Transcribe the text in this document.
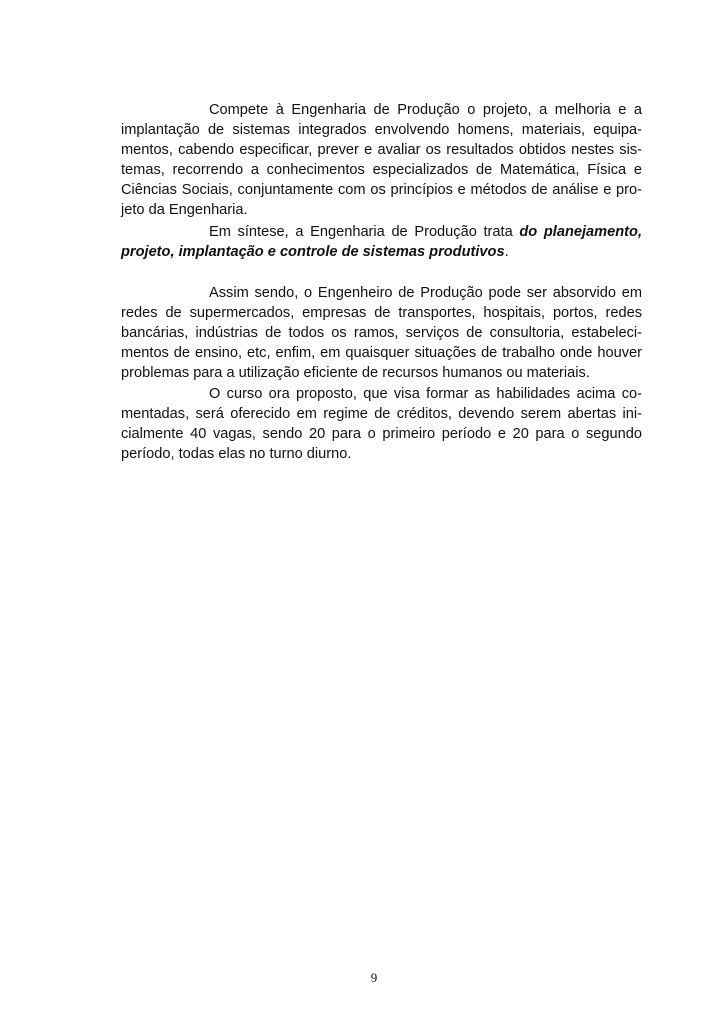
Compete à Engenharia de Produção o projeto, a melhoria e a implantação de sistemas integrados envolvendo homens, materiais, equipa-mentos, cabendo especificar, prever e avaliar os resultados obtidos nestes sis-temas, recorrendo a conhecimentos especializados de Matemática, Física e Ciências Sociais, conjuntamente com os princípios e métodos de análise e pro-jeto da Engenharia.

Em síntese, a Engenharia de Produção trata do planejamento, projeto, implantação e controle de sistemas produtivos.

Assim sendo, o Engenheiro de Produção pode ser absorvido em redes de supermercados, empresas de transportes, hospitais, portos, redes bancárias, indústrias de todos os ramos, serviços de consultoria, estabeleci-mentos de ensino, etc, enfim, em quaisquer situações de trabalho onde houver problemas para a utilização eficiente de recursos humanos ou materiais.

O curso ora proposto, que visa formar as habilidades acima co-mentadas, será oferecido em regime de créditos, devendo serem abertas ini-cialmente 40 vagas, sendo 20 para o primeiro período e 20 para o segundo período, todas elas no turno diurno.

9
